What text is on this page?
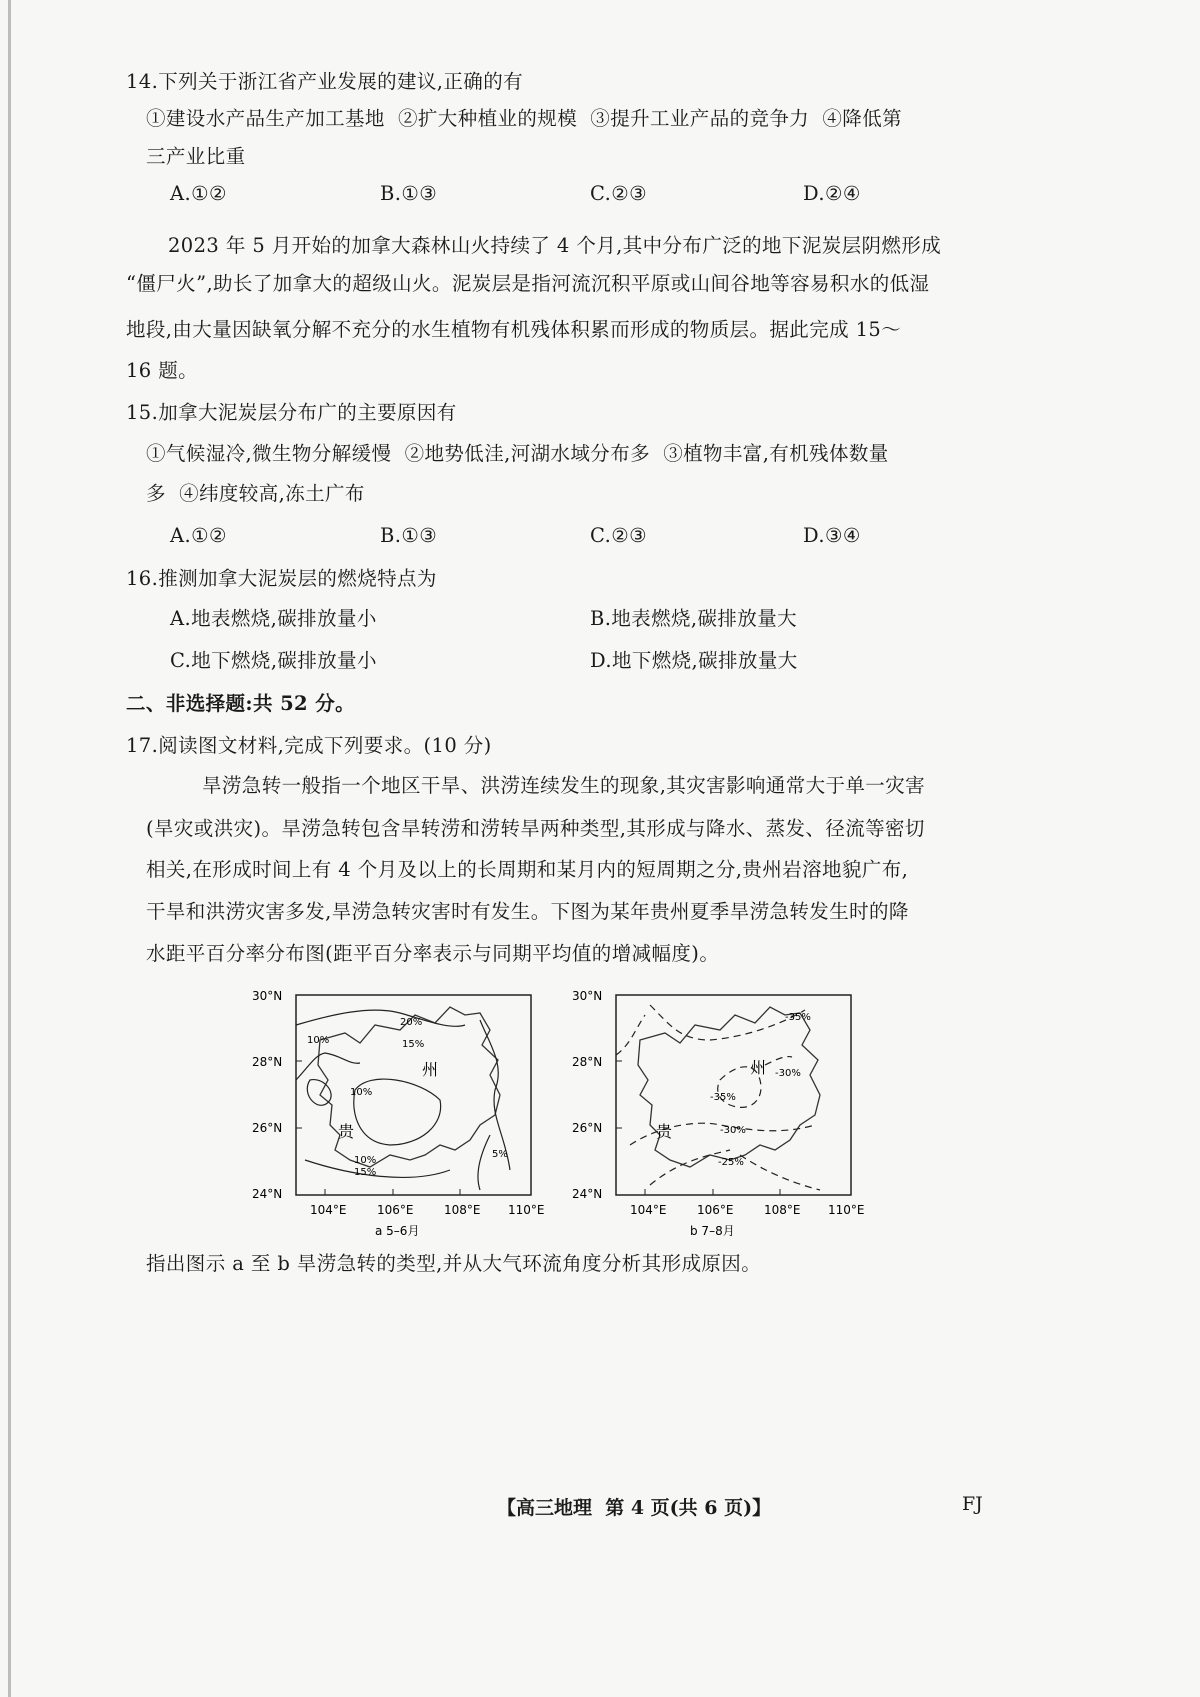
14.下列关于浙江省产业发展的建议,正确的有
①建设水产品生产加工基地  ②扩大种植业的规模  ③提升工业产品的竞争力  ④降低第
三产业比重
A.①②	B.①③	C.②③	D.②④
2023 年 5 月开始的加拿大森林山火持续了 4 个月,其中分布广泛的地下泥炭层阴燃形成
“僵尸火”,助长了加拿大的超级山火。泥炭层是指河流沉积平原或山间谷地等容易积水的低湿
地段,由大量因缺氧分解不充分的水生植物有机残体积累而形成的物质层。据此完成 15～
16 题。
15.加拿大泥炭层分布广的主要原因有
①气候湿冷,微生物分解缓慢  ②地势低洼,河湖水域分布多  ③植物丰富,有机残体数量
多  ④纬度较高,冻土广布
A.①②	B.①③	C.②③	D.③④
16.推测加拿大泥炭层的燃烧特点为
A.地表燃烧,碳排放量小	B.地表燃烧,碳排放量大
C.地下燃烧,碳排放量小	D.地下燃烧,碳排放量大
二、非选择题:共 52 分。
17.阅读图文材料,完成下列要求。(10 分)
旱涝急转一般指一个地区干旱、洪涝连续发生的现象,其灾害影响通常大于单一灾害
(旱灾或洪灾)。旱涝急转包含旱转涝和涝转旱两种类型,其形成与降水、蒸发、径流等密切
相关,在形成时间上有 4 个月及以上的长周期和某月内的短周期之分,贵州岩溶地貌广布,
干旱和洪涝灾害多发,旱涝急转灾害时有发生。下图为某年贵州夏季旱涝急转发生时的降
水距平百分率分布图(距平百分率表示与同期平均值的增减幅度)。
30°N
28°N
26°N
24°N
104°E	106°E	108°E 110°E
20%
15%
10%
10%
10%
15%
5%
贵
州
a 5–6月
30°N
28°N
26°N
24°N
104°E	106°E	108°E 110°E
-35%
-30%
-35%
-30%
-25%
贵
州
b 7–8月
指出图示 a 至 b 旱涝急转的类型,并从大气环流角度分析其形成原因。
【高三地理  第 4 页(共 6 页)】	FJ
